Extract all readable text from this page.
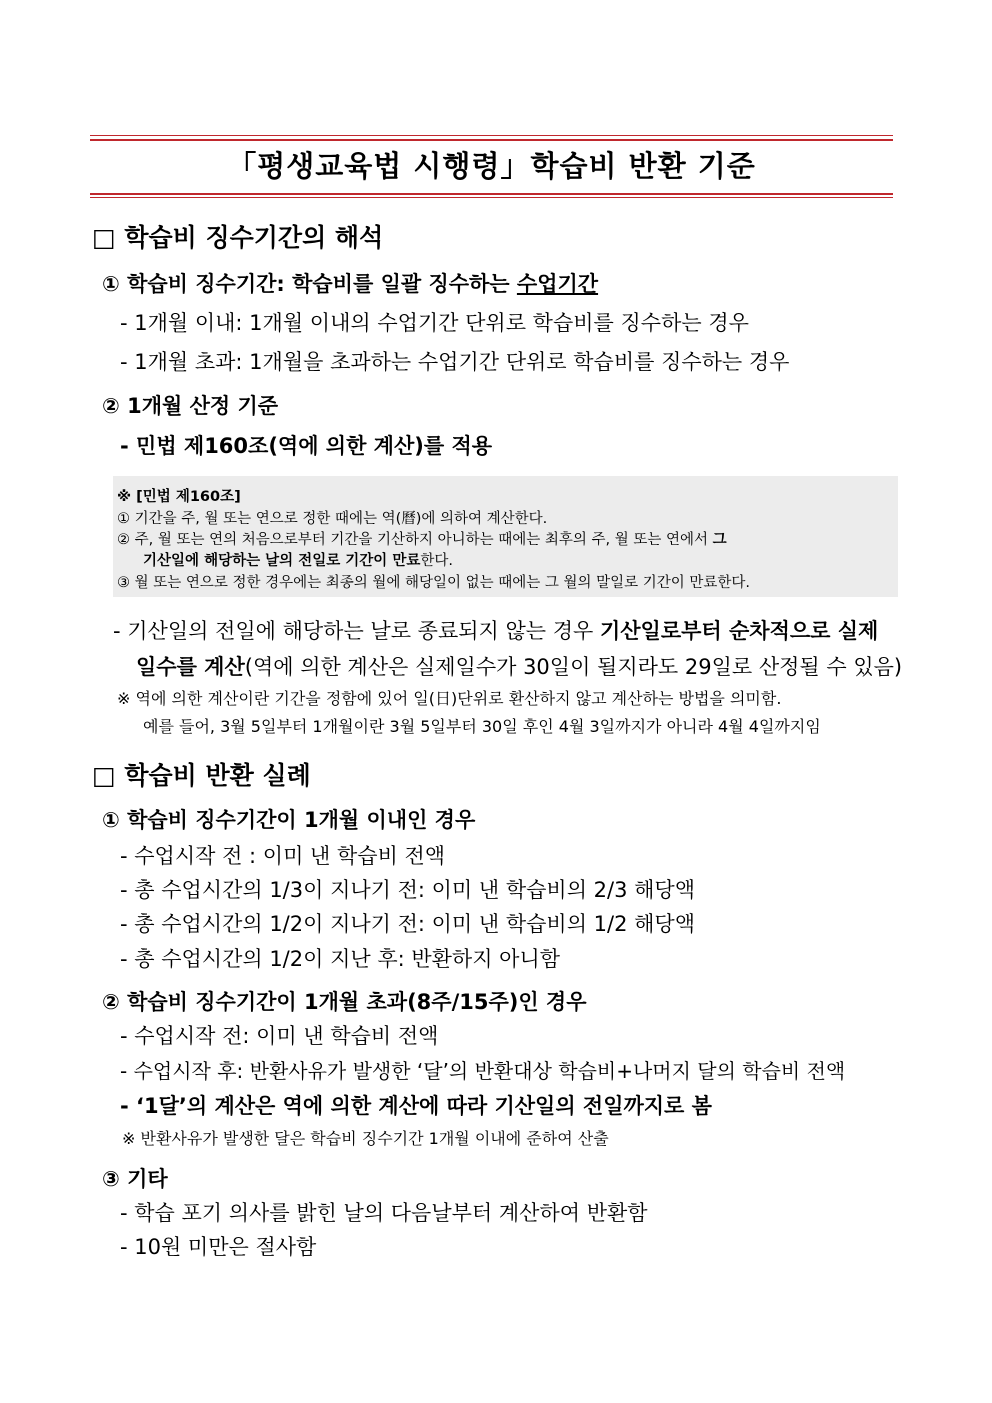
「평생교육법 시행령」학습비 반환 기준
□ 학습비 징수기간의 해석
① 학습비 징수기간: 학습비를 일괄 징수하는 수업기간
- 1개월 이내: 1개월 이내의 수업기간 단위로 학습비를 징수하는 경우
- 1개월 초과: 1개월을 초과하는 수업기간 단위로 학습비를 징수하는 경우
② 1개월 산정 기준
- 민법 제160조(역에 의한 계산)를 적용
※ [민법 제160조]
① 기간을 주, 월 또는 연으로 정한 때에는 역(曆)에 의하여 계산한다.
② 주, 월 또는 연의 처음으로부터 기간을 기산하지 아니하는 때에는 최후의 주, 월 또는 연에서 그
기산일에 해당하는 날의 전일로 기간이 만료한다.
③ 월 또는 연으로 정한 경우에는 최종의 월에 해당일이 없는 때에는 그 월의 말일로 기간이 만료한다.
- 기산일의 전일에 해당하는 날로 종료되지 않는 경우 기산일로부터 순차적으로 실제
일수를 계산(역에 의한 계산은 실제일수가 30일이 될지라도 29일로 산정될 수 있음)
※ 역에 의한 계산이란 기간을 정함에 있어 일(日)단위로 환산하지 않고 계산하는 방법을 의미함.
예를 들어, 3월 5일부터 1개월이란 3월 5일부터 30일 후인 4월 3일까지가 아니라 4월 4일까지임
□ 학습비 반환 실례
① 학습비 징수기간이 1개월 이내인 경우
- 수업시작 전 : 이미 낸 학습비 전액
- 총 수업시간의 1/3이 지나기 전: 이미 낸 학습비의 2/3 해당액
- 총 수업시간의 1/2이 지나기 전: 이미 낸 학습비의 1/2 해당액
- 총 수업시간의 1/2이 지난 후: 반환하지 아니함
② 학습비 징수기간이 1개월 초과(8주/15주)인 경우
- 수업시작 전: 이미 낸 학습비 전액
- 수업시작 후: 반환사유가 발생한 ‘달’의 반환대상 학습비+나머지 달의 학습비 전액
- ‘1달’의 계산은 역에 의한 계산에 따라 기산일의 전일까지로 봄
※ 반환사유가 발생한 달은 학습비 징수기간 1개월 이내에 준하여 산출
③ 기타
- 학습 포기 의사를 밝힌 날의 다음날부터 계산하여 반환함
- 10원 미만은 절사함
